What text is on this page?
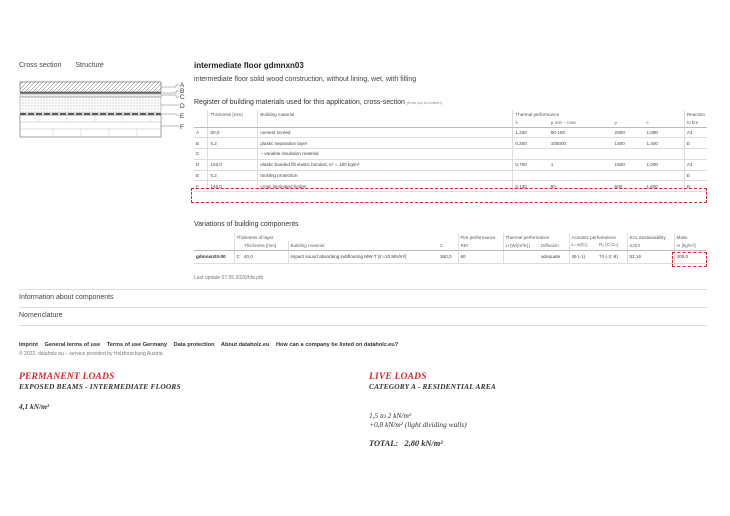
Cross section Structure
A
B
C
D
E
F
intermediate floor gdmnxn03
intermediate floor solid wood construction, without lining, wet, with filling
Register of building materials used for this application, cross-section (from top to bottom)
	Thickness [mm]	Building material	Thermal performance				Reaction
			λ	μ min – max	ρ	c	to fire
A	60,0	cement screed	1,330	50-100	2000	1,080	A1
B	0,2	plastic separation layer	0,200	100000	1400	1,400	E
C		– variable insulation material					
D	120,0	elastic bonded fill elastic bonded, m' = 180 kg/m²	0,700	1	1500	1,000	A1
E	0,2	trickling protection					E
F	140,0	cross laminated timber	0,130	50	500	1,600	D
Variations of building components
	Thickness of layer				Fire performance	Thermal performance		Acoustic performance		Eco Sustainability	Mass
		Thickness [mm]	Building material	Σ	REI	U [W/(m²K)]	Diffusion	Lₙ,w(Cᵢ)	Rᵥ (C;Cₜᵣ)	ΔOI3	m [kg/m²]
gdmnxn03-00	C	40,0	impact sound absorbing subflooring MW-T [s'=10 MN/m³]	360,0	60		adequate	45 (-1)	74 (-2;-8)	52,16	409,0
Last update 07.05.2020/hfa.ptb
Information about components
Nomenclature
Imprint General terms of use Terms of use Germany Data protection About dataholz.eu How can a company be listed on dataholz.eu?
© 2022, dataholz.eu – service provided by Holzforschung Austria
PERMANENT LOADS
EXPOSED BEAMS - INTERMEDIATE FLOORS
4,1 kN/m²
LIVE LOADS
CATEGORY A - RESIDENTIAL AREA
1,5 to 2 kN/m²
+0,8 kN/m² (light dividing walls)
TOTAL: 2,80 kN/m²
